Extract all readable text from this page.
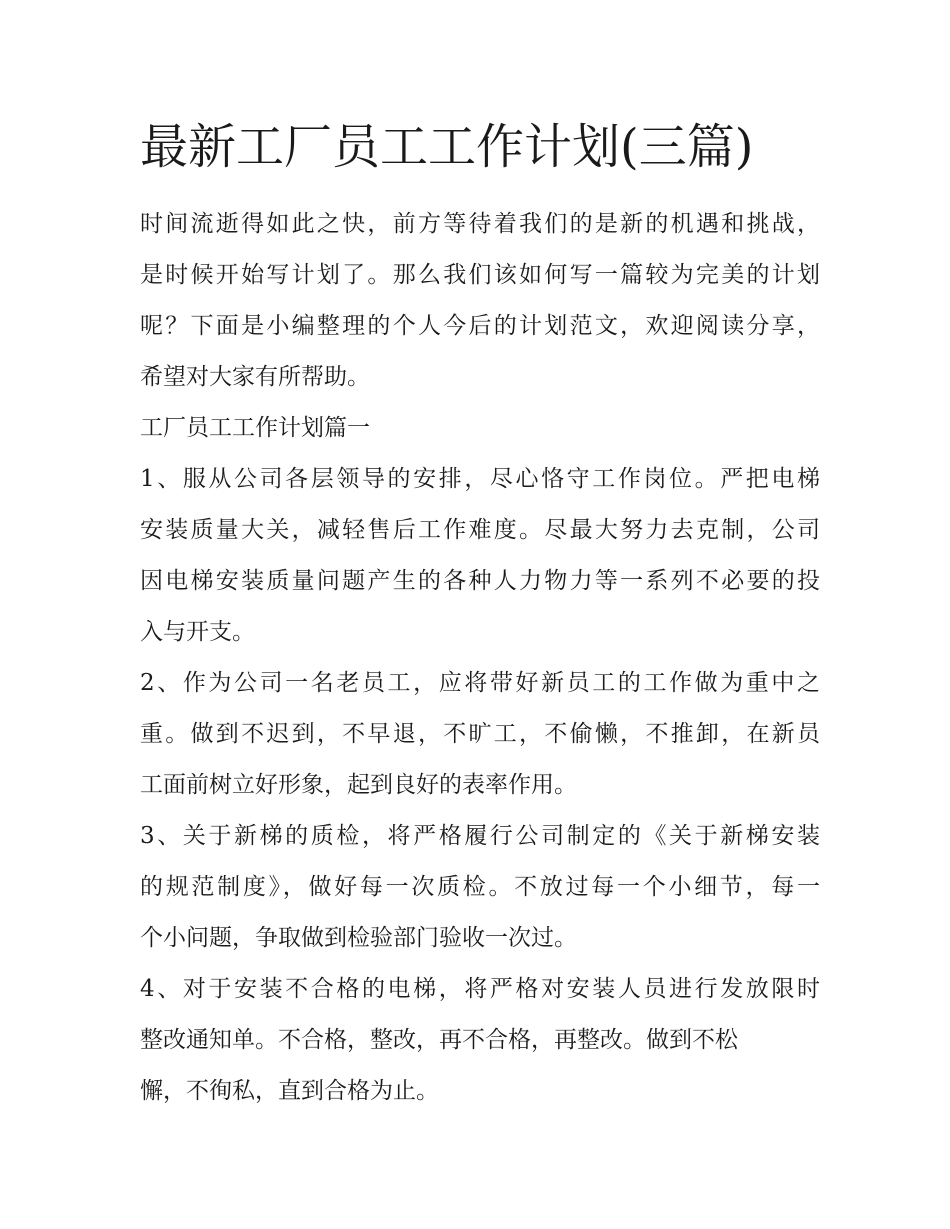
最新工厂员工工作计划(三篇)
时间流逝得如此之快，前方等待着我们的是新的机遇和挑战，
是时候开始写计划了。那么我们该如何写一篇较为完美的计划
呢？下面是小编整理的个人今后的计划范文，欢迎阅读分享，
希望对大家有所帮助。
工厂员工工作计划篇一
1、服从公司各层领导的安排，尽心恪守工作岗位。严把电梯
安装质量大关，减轻售后工作难度。尽最大努力去克制，公司
因电梯安装质量问题产生的各种人力物力等一系列不必要的投
入与开支。
2、作为公司一名老员工，应将带好新员工的工作做为重中之
重。做到不迟到，不早退，不旷工，不偷懒，不推卸，在新员
工面前树立好形象，起到良好的表率作用。
3、关于新梯的质检，将严格履行公司制定的《关于新梯安装
的规范制度》，做好每一次质检。不放过每一个小细节，每一
个小问题，争取做到检验部门验收一次过。
4、对于安装不合格的电梯，将严格对安装人员进行发放限时
整改通知单。不合格，整改，再不合格，再整改。做到不松
懈，不徇私，直到合格为止。
